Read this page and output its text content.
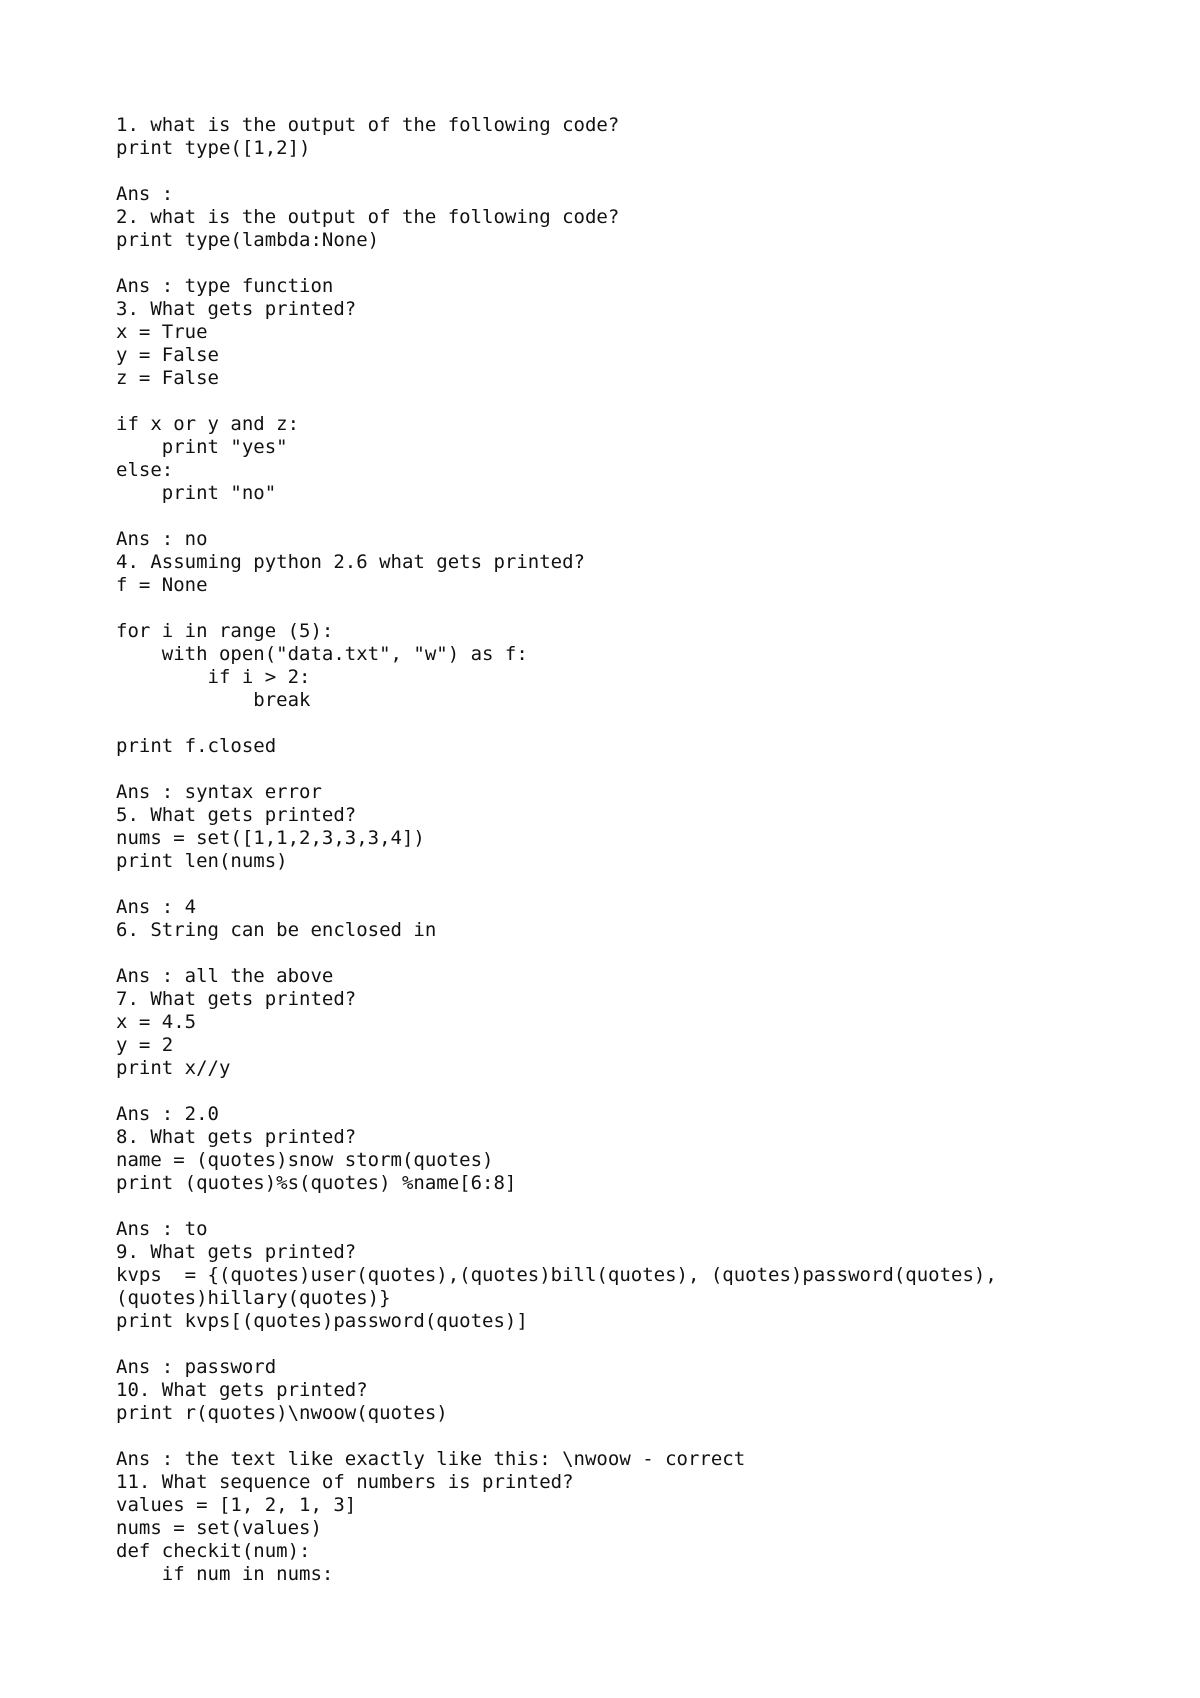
1. what is the output of the following code?
print type([1,2])
Ans :
2. what is the output of the following code?
print type(lambda:None)
Ans : type function
3. What gets printed?
x = True
y = False
z = False
if x or y and z:
print "yes"
else:
print "no"
Ans : no
4. Assuming python 2.6 what gets printed?
f = None
for i in range (5):
with open("data.txt", "w") as f:
if i > 2:
break
print f.closed
Ans : syntax error
5. What gets printed?
nums = set([1,1,2,3,3,3,4])
print len(nums)
Ans : 4
6. String can be enclosed in
Ans : all the above
7. What gets printed?
x = 4.5
y = 2
print x//y
Ans : 2.0
8. What gets printed?
name = (quotes)snow storm(quotes)
print (quotes)%s(quotes) %name[6:8]
Ans : to
9. What gets printed?
kvps  = {(quotes)user(quotes),(quotes)bill(quotes), (quotes)password(quotes),
(quotes)hillary(quotes)}
print kvps[(quotes)password(quotes)]
Ans : password
10. What gets printed?
print r(quotes)\nwoow(quotes)
Ans : the text like exactly like this: \nwoow - correct
11. What sequence of numbers is printed?
values = [1, 2, 1, 3]
nums = set(values)
def checkit(num):
if num in nums:
